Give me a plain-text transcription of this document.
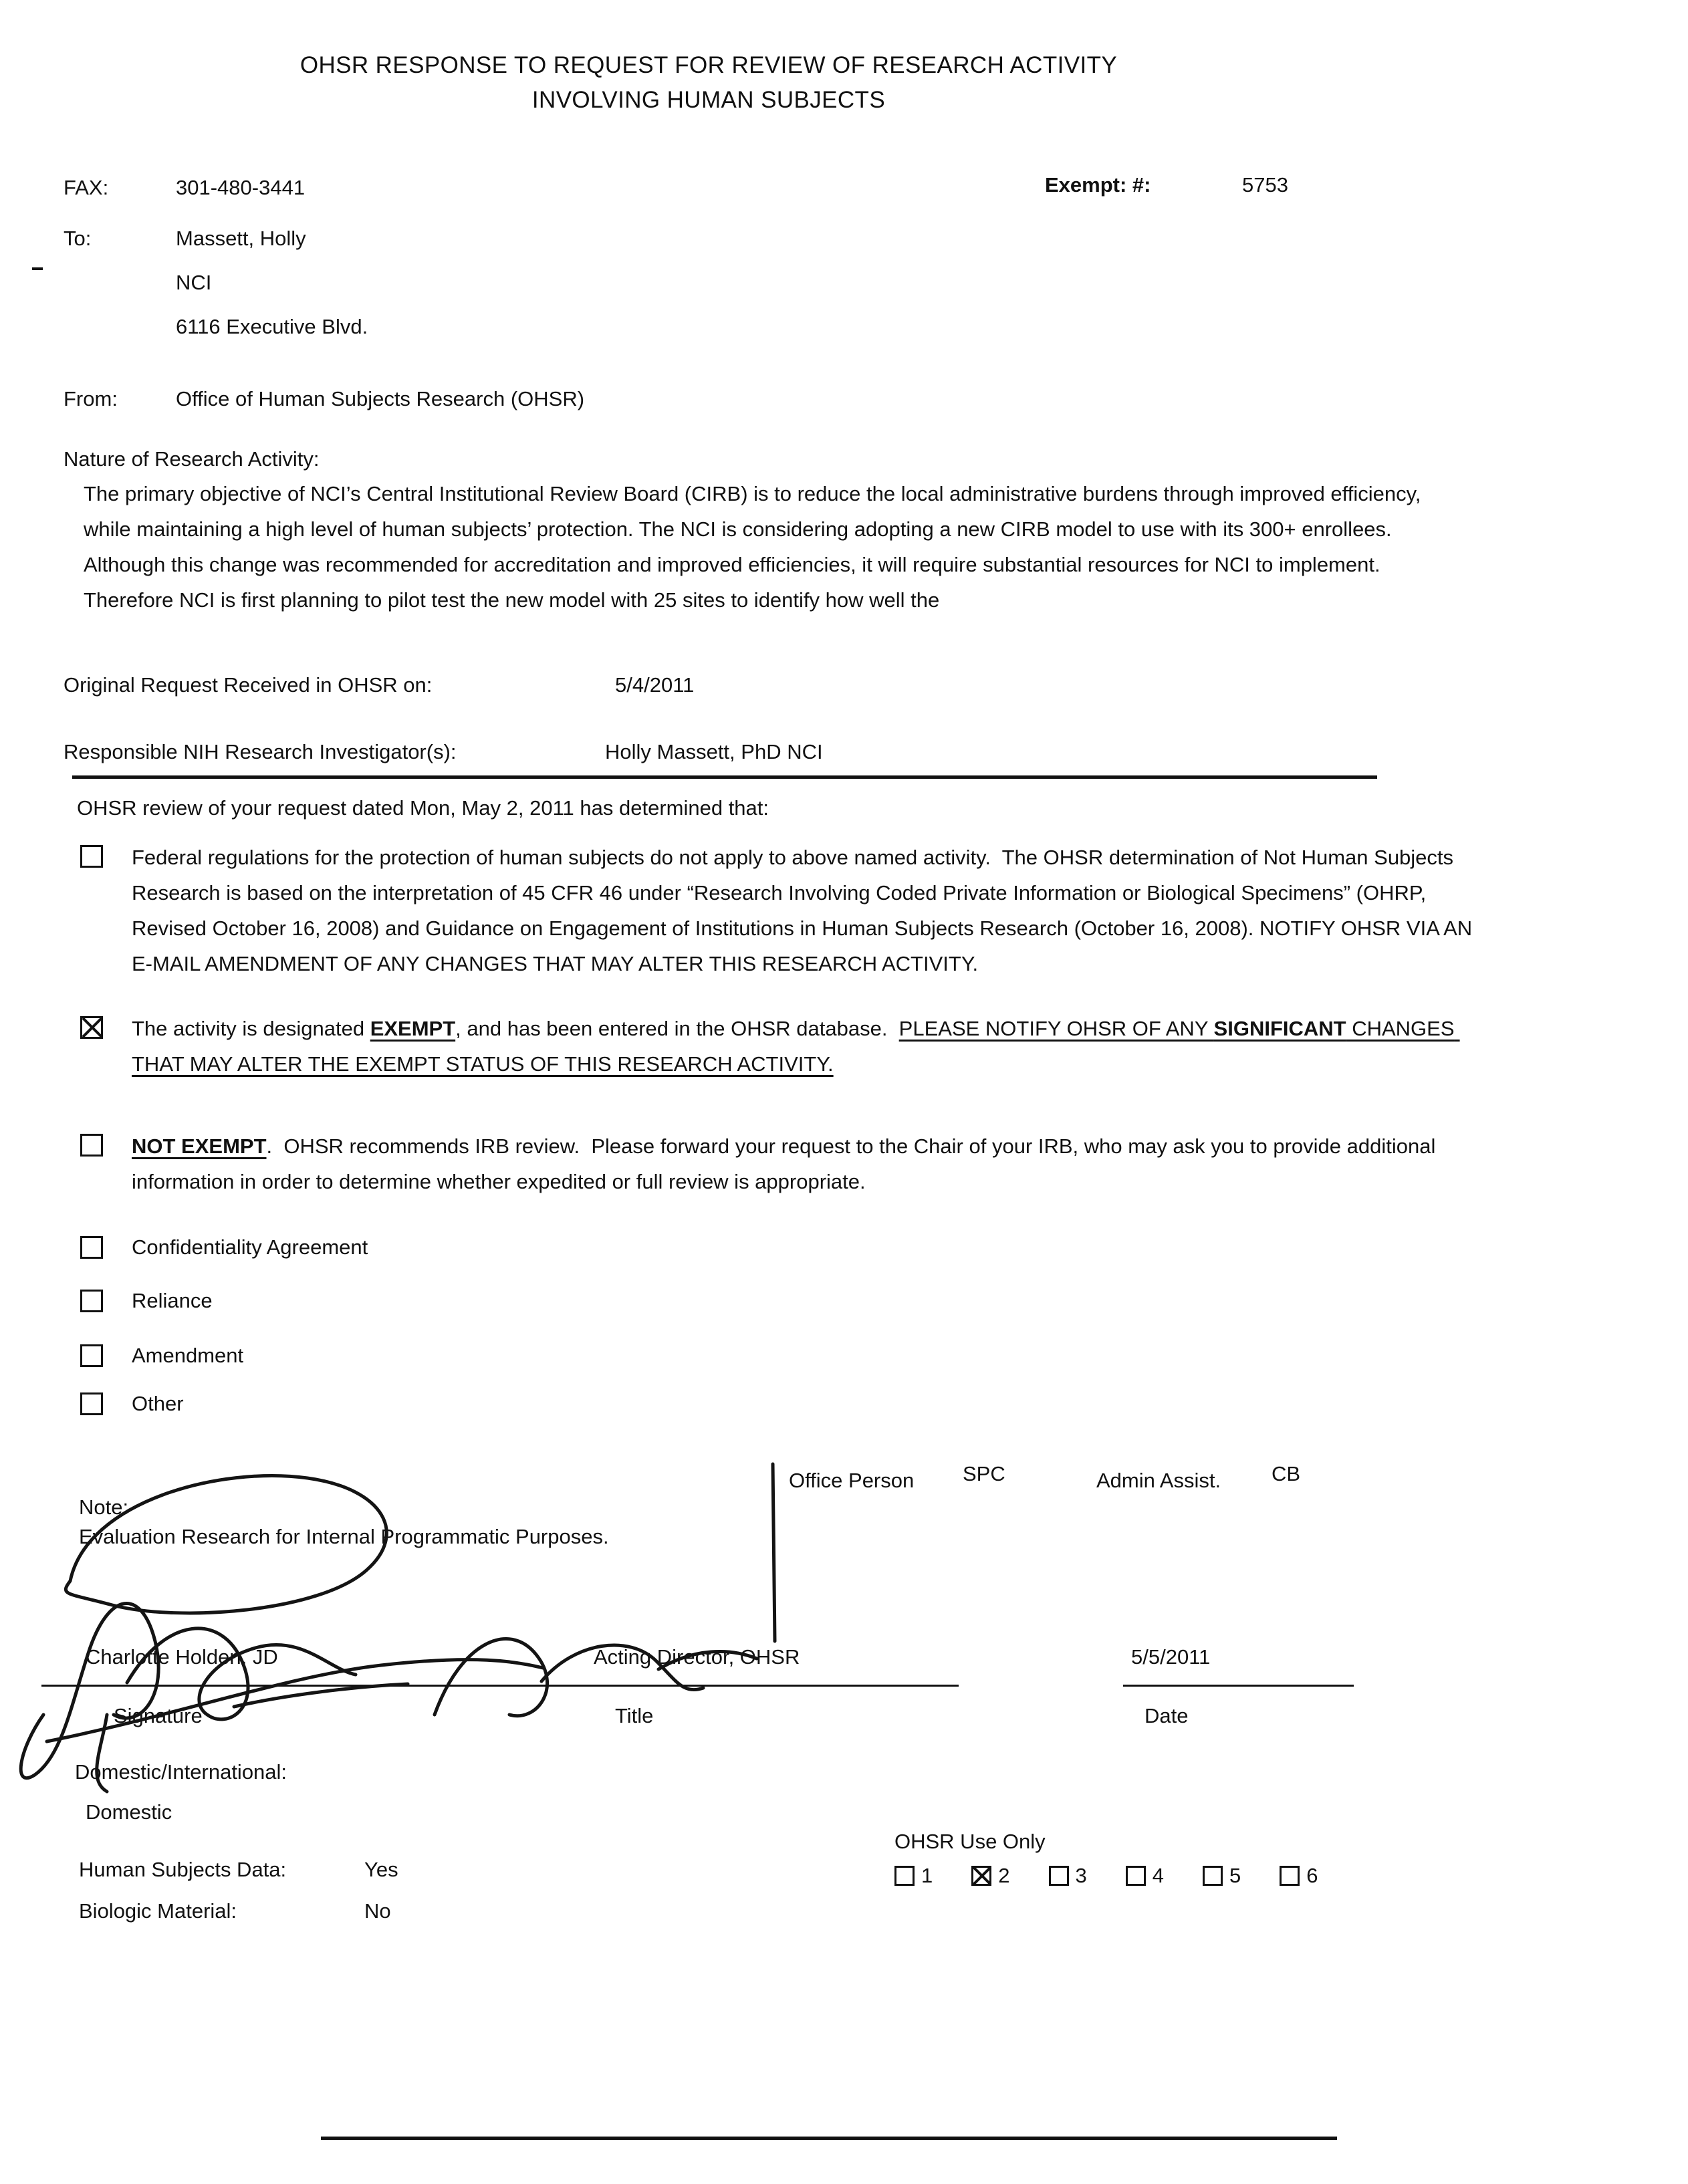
OHSR RESPONSE TO REQUEST FOR REVIEW OF RESEARCH ACTIVITY
INVOLVING HUMAN SUBJECTS
FAX:	301-480-3441	Exempt: #:	5753
To:	Massett, Holly
NCI
6116 Executive Blvd.
From:	Office of Human Subjects Research (OHSR)
Nature of Research Activity:
The primary objective of NCI’s Central Institutional Review Board (CIRB) is to reduce the local administrative burdens through improved efficiency, while maintaining a high level of human subjects’ protection. The NCI is considering adopting a new CIRB model to use with its 300+ enrollees.  Although this change was recommended for accreditation and improved efficiencies, it will require substantial resources for NCI to implement. Therefore NCI is first planning to pilot test the new model with 25 sites to identify how well the
Original Request Received in OHSR on:	5/4/2011
Responsible NIH Research Investigator(s):	Holly Massett, PhD NCI
OHSR review of your request dated Mon, May 2, 2011 has determined that:
Federal regulations for the protection of human subjects do not apply to above named activity.  The OHSR determination of Not Human Subjects Research is based on the interpretation of 45 CFR 46 under “Research Involving Coded Private Information or Biological Specimens” (OHRP, Revised October 16, 2008) and Guidance on Engagement of Institutions in Human Subjects Research (October 16, 2008). NOTIFY OHSR VIA AN E-MAIL AMENDMENT OF ANY CHANGES THAT MAY ALTER THIS RESEARCH ACTIVITY.
The activity is designated EXEMPT, and has been entered in the OHSR database.  PLEASE NOTIFY OHSR OF ANY SIGNIFICANT CHANGES THAT MAY ALTER THE EXEMPT STATUS OF THIS RESEARCH ACTIVITY.
NOT EXEMPT.  OHSR recommends IRB review.  Please forward your request to the Chair of your IRB, who may ask you to provide additional information in order to determine whether expedited or full review is appropriate.
Confidentiality Agreement
Reliance
Amendment
Other
Office Person SPC	Admin Assist. CB
Note:
Evaluation Research for Internal Programmatic Purposes.
Charlotte Holden, JD	Acting Director, OHSR	5/5/2011
Signature	Title	Date
Domestic/International:
Domestic
OHSR Use Only
Human Subjects Data:	Yes
Biologic Material:	No
1	2	3	4	5	6
